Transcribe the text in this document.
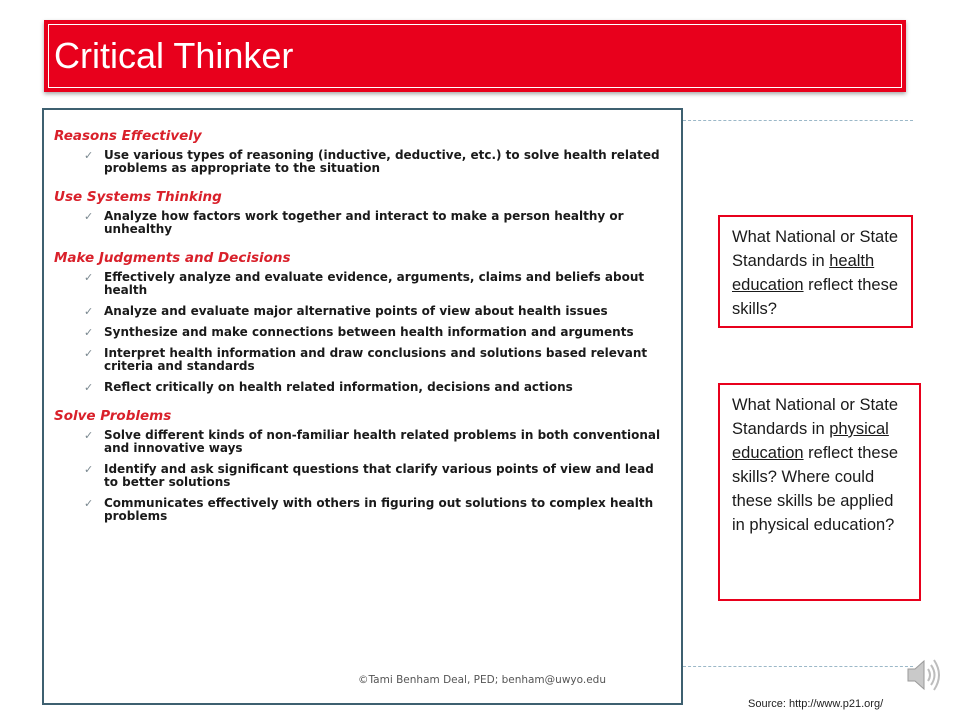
Critical Thinker
Reasons Effectively
✓ Use various types of reasoning (inductive, deductive, etc.) to solve health related problems as appropriate to the situation
Use Systems Thinking
✓ Analyze how factors work together and interact to make a person healthy or unhealthy
Make Judgments and Decisions
✓ Effectively analyze and evaluate evidence, arguments, claims and beliefs about health
✓ Analyze and evaluate major alternative points of view about health issues
✓ Synthesize and make connections between health information and arguments
✓ Interpret health information and draw conclusions and solutions based relevant criteria and standards
✓ Reflect critically on health related information, decisions and actions
Solve Problems
✓ Solve different kinds of non-familiar health related problems in both conventional and innovative ways
✓ Identify and ask significant questions that clarify various points of view and lead to better solutions
✓ Communicates effectively with others in figuring out solutions to complex health problems
©Tami Benham Deal, PED; benham@uwyo.edu
What National or State Standards in health education reflect these skills?
What National or State Standards in physical education reflect these skills? Where could these skills be applied in physical education?
Source: http://www.p21.org/
